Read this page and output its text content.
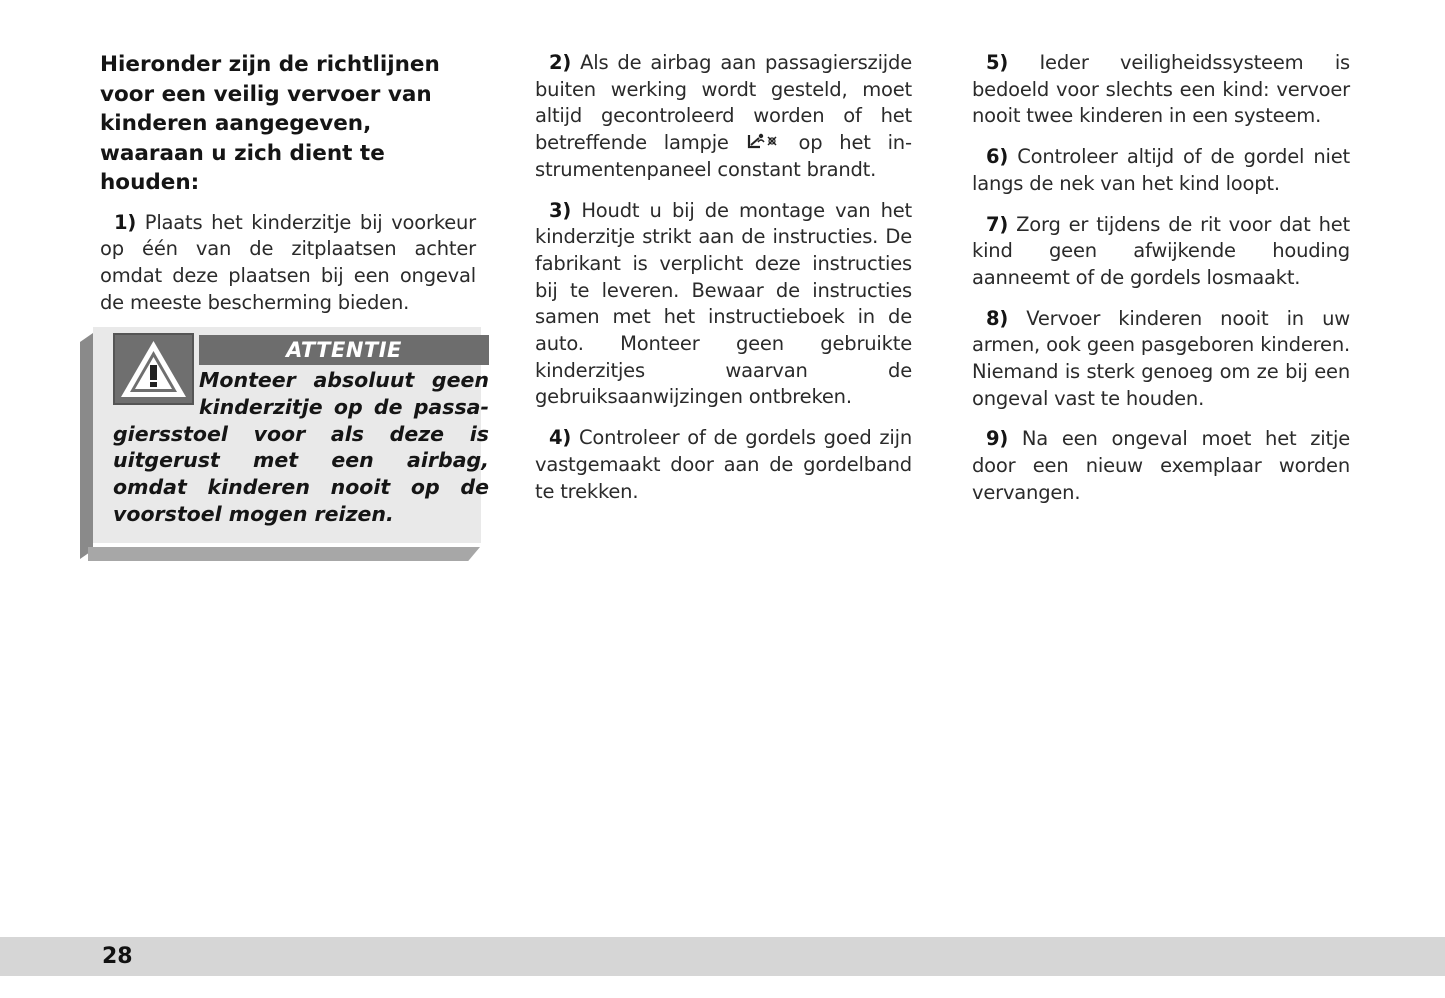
Hieronder zijn de richtlijnen voor een veilig vervoer van kinderen aangegeven, waaraan u zich dient te houden:

1) Plaats het kinderzitje bij voorkeur op één van de zitplaatsen achter omdat deze plaatsen bij een ongeval de meeste bescherming bieden.

ATTENTIE
Monteer absoluut geen kinderzitje op de passagiersstoel voor als deze is uitgerust met een airbag, omdat kinderen nooit op de voorstoel mogen reizen.

2) Als de airbag aan passagierszijde buiten werking wordt gesteld, moet altijd gecontroleerd worden of het betreffende lampje	op het instrumentenpaneel constant brandt.

3) Houdt u bij de montage van het kinderzitje strikt aan de instructies. De fabrikant is verplicht deze instructies bij te leveren. Bewaar de instructies samen met het instructieboek in de auto. Monteer geen gebruikte kinderzitjes waarvan de gebruiksaanwijzingen ontbreken.

4) Controleer of de gordels goed zijn vastgemaakt door aan de gordelband te trekken.

5) Ieder veiligheidssysteem is bedoeld voor slechts een kind: vervoer nooit twee kinderen in een systeem.

6) Controleer altijd of de gordel niet langs de nek van het kind loopt.

7) Zorg er tijdens de rit voor dat het kind geen afwijkende houding aanneemt of de gordels losmaakt.

8) Vervoer kinderen nooit in uw armen, ook geen pasgeboren kinderen. Niemand is sterk genoeg om ze bij een ongeval vast te houden.

9) Na een ongeval moet het zitje door een nieuw exemplaar worden vervangen.

28
